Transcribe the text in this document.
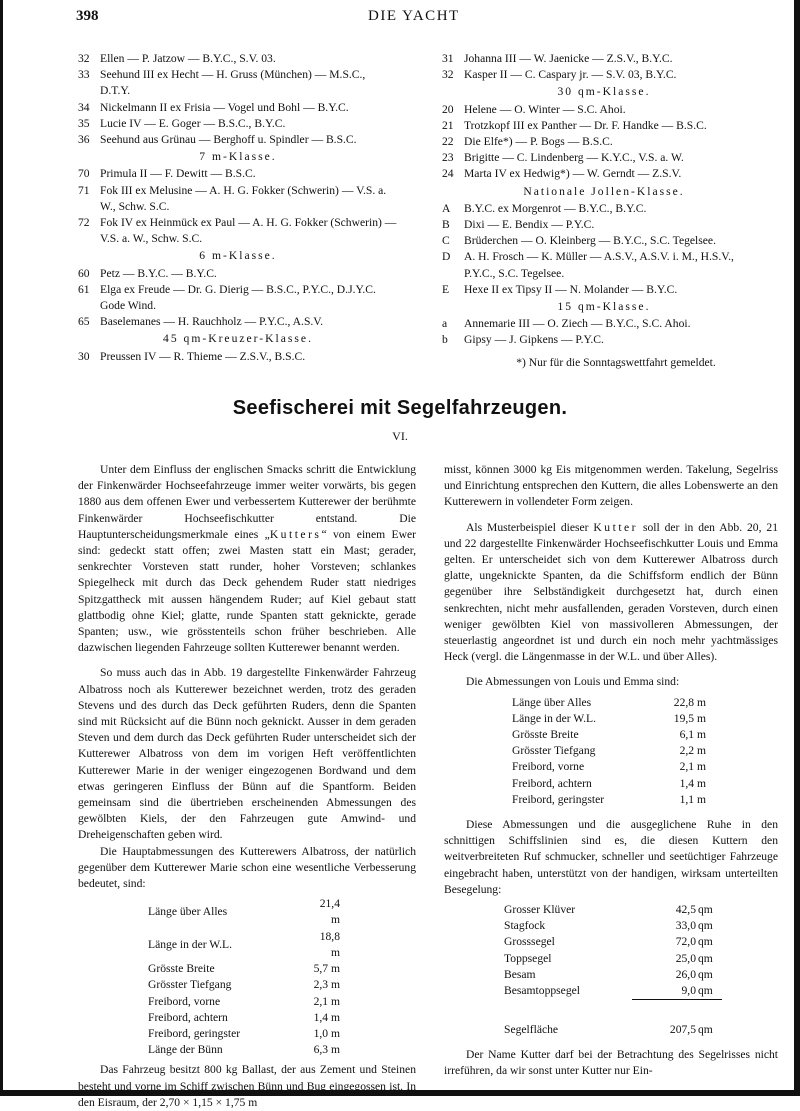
398	DIE YACHT
32 Ellen — P. Jatzow — B.Y.C., S.V. 03.
33 Seehund III ex Hecht — H. Gruss (München) — M.S.C., D.T.Y.
34 Nickelmann II ex Frisia — Vogel und Bohl — B.Y.C.
35 Lucie IV — E. Goger — B.S.C., B.Y.C.
36 Seehund aus Grünau — Berghoff u. Spindler — B.S.C.
7 m-Klasse.
70 Primula II — F. Dewitt — B.S.C.
71 Fok III ex Melusine — A. H. G. Fokker (Schwerin) — V.S. a. W., Schw. S.C.
72 Fok IV ex Heinmück ex Paul — A. H. G. Fokker (Schwerin) — V.S. a. W., Schw. S.C.
6 m-Klasse.
60 Petz — B.Y.C. — B.Y.C.
61 Elga ex Freude — Dr. G. Dierig — B.S.C., P.Y.C., D.J.Y.C. Gode Wind.
65 Baselemanes — H. Rauchholz — P.Y.C., A.S.V.
45 qm-Kreuzer-Klasse.
30 Preussen IV — R. Thieme — Z.S.V., B.S.C.
31 Johanna III — W. Jaenicke — Z.S.V., B.Y.C.
32 Kasper II — C. Caspary jr. — S.V. 03, B.Y.C.
30 qm-Klasse.
20 Helene — O. Winter — S.C. Ahoi.
21 Trotzkopf III ex Panther — Dr. F. Handke — B.S.C.
22 Die Elfe*) — P. Bogs — B.S.C.
23 Brigitte — C. Lindenberg — K.Y.C., V.S. a. W.
24 Marta IV ex Hedwig*) — W. Gerndt — Z.S.V.
Nationale Jollen-Klasse.
A	B.Y.C. ex Morgenrot — B.Y.C., B.Y.C.
B	Dixi — E. Bendix — P.Y.C.
C	Brüderchen — O. Kleinberg — B.Y.C., S.C. Tegelsee.
D	A. H. Frosch — K. Müller — A.S.V., A.S.V. i. M., H.S.V., P.Y.C., S.C. Tegelsee.
E	Hexe II ex Tipsy II — N. Molander — B.Y.C.
15 qm-Klasse.
a	Annemarie III — O. Ziech — B.Y.C., S.C. Ahoi.
b	Gipsy — J. Gipkens — P.Y.C.
*) Nur für die Sonntagswettfahrt gemeldet.
Seefischerei mit Segelfahrzeugen.
VI.

Unter dem Einfluss der englischen Smacks schritt die Entwicklung der Finkenwärder Hochseefahrzeuge immer weiter vorwärts, bis gegen 1880 aus dem offenen Ewer und verbessertem Kutterewer der berühmte Finkenwärder Hochseefischkutter entstand. Die Hauptunterscheidungsmerkmale eines „Kutters“ von einem Ewer sind: gedeckt statt offen; zwei Masten statt ein Mast; gerader, senkrechter Vorsteven statt runder, hoher Vorsteven; schlankes Spiegelheck mit durch das Deck gehendem Ruder statt niedriges Spitzgattheck mit aussen hängendem Ruder; auf Kiel gebaut statt glattbodig ohne Kiel; glatte, runde Spanten statt geknickte, gerade Spanten; usw., wie grösstenteils schon früher beschrieben. Alle dazwischen liegenden Fahrzeuge sollten Kutterewer benannt werden.

So muss auch das in Abb. 19 dargestellte Finkenwärder Fahrzeug Albatross noch als Kutterewer bezeichnet werden, trotz des geraden Stevens und des durch das Deck geführten Ruders, denn die Spanten sind mit Rücksicht auf die Bünn noch geknickt. Ausser in dem geraden Steven und dem durch das Deck geführten Ruder unterscheidet sich der Kutterewer Albatross von dem im vorigen Heft veröffentlichten Kutterewer Marie in der weniger eingezogenen Bordwand und dem etwas geringeren Einfluss der Bünn auf die Spantform. Beiden gemeinsam sind die übertrieben erscheinenden Abmessungen des gewölbten Kiels, der den Fahrzeugen gute Amwind- und Dreheigenschaften geben wird.

Die Hauptabmessungen des Kutterewers Albatross, der natürlich gegenüber dem Kutterewer Marie schon eine wesentliche Verbesserung bedeutet, sind:

Länge über Alles	21,4 m
Länge in der W.L.	18,8 m
Grösste Breite	5,7 m
Grösster Tiefgang	2,3 m
Freibord, vorne	2,1 m
Freibord, achtern	1,4 m
Freibord, geringster	1,0 m
Länge der Bünn	6,3 m

Das Fahrzeug besitzt 800 kg Ballast, der aus Zement und Steinen besteht und vorne im Schiff zwischen Bünn und Bug eingegossen ist. In den Eisraum, der 2,70 × 1,15 × 1,75 m

misst, können 3000 kg Eis mitgenommen werden. Takelung, Segelriss und Einrichtung entsprechen den Kuttern, die alles Lobenswerte an den Kutterewern in vollendeter Form zeigen.

Als Musterbeispiel dieser Kutter soll der in den Abb. 20, 21 und 22 dargestellte Finkenwärder Hochseefischkutter Louis und Emma gelten. Er unterscheidet sich von dem Kutterewer Albatross durch glatte, ungeknickte Spanten, da die Schiffsform endlich der Bünn gegenüber ihre Selbständigkeit durchgesetzt hat, durch einen senkrechten, nicht mehr ausfallenden, geraden Vorsteven, durch einen weniger gewölbten Kiel von massivolleren Abmessungen, der steuerlastig angeordnet ist und durch ein noch mehr yachtmässiges Heck (vergl. die Längenmasse in der W.L. und über Alles).

Die Abmessungen von Louis und Emma sind:

Länge über Alles	22,8 m
Länge in der W.L.	19,5 m
Grösste Breite	6,1 m
Grösster Tiefgang	2,2 m
Freibord, vorne	2,1 m
Freibord, achtern	1,4 m
Freibord, geringster	1,1 m

Diese Abmessungen und die ausgeglichene Ruhe in den schnittigen Schiffslinien sind es, die diesen Kuttern den weitverbreiteten Ruf schmucker, schneller und seetüchtiger Fahrzeuge eingebracht haben, unterstützt von der handigen, wirksam unterteilten Besegelung:

Grosser Klüver	42,5	qm
Stagfock	33,0	qm
Grosssegel	72,0	qm
Toppsegel	25,0	qm
Besam	26,0	qm
Besamtoppsegel	9,0	qm

Segelfläche	207,5	qm

Der Name Kutter darf bei der Betrachtung des Segelrisses nicht irreführen, da wir sonst unter Kutter nur Ein-
